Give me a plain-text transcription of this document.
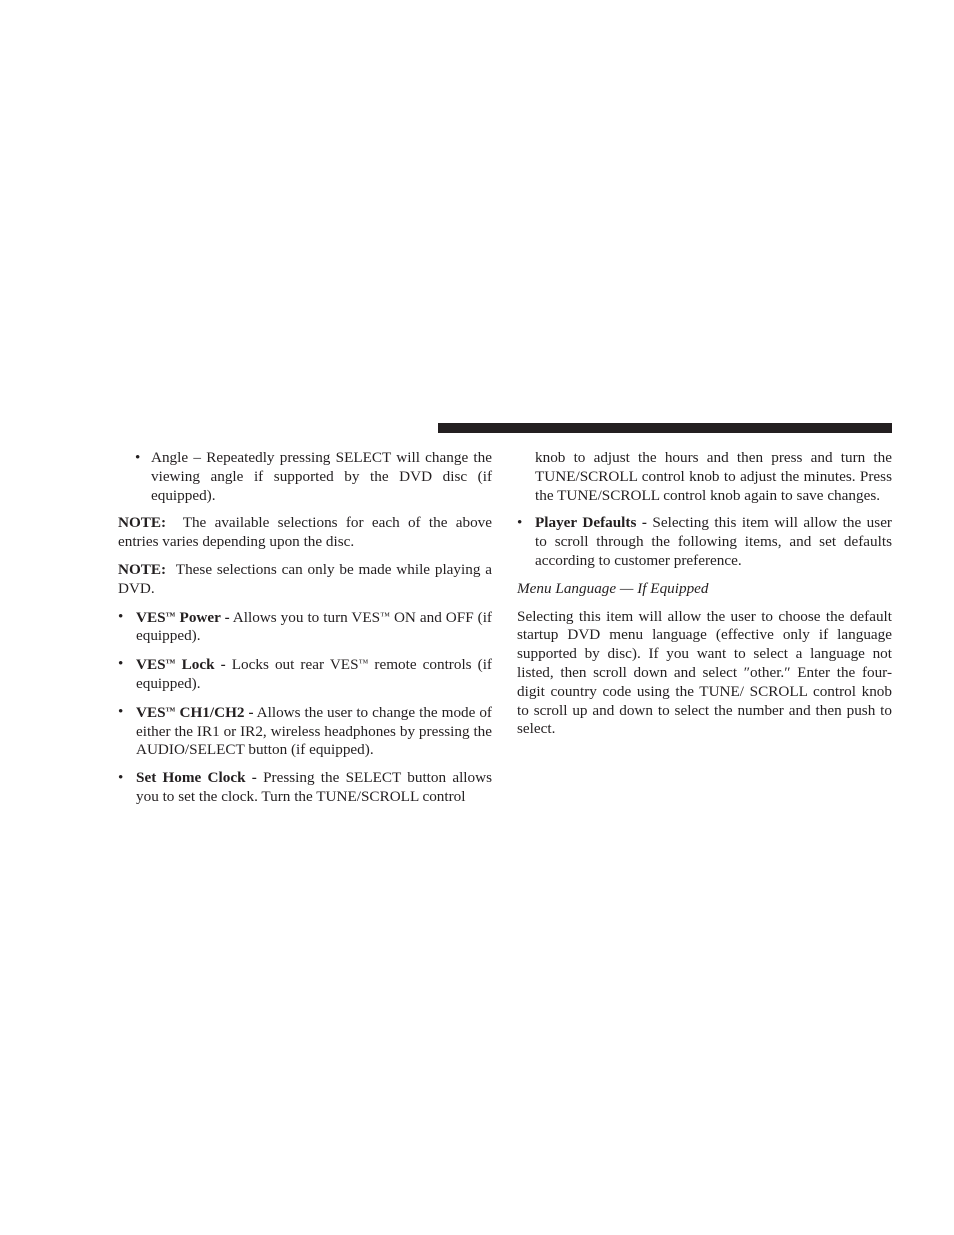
• Angle – Repeatedly pressing SELECT will change the viewing angle if supported by the DVD disc (if equipped).

NOTE: The available selections for each of the above entries varies depending upon the disc.

NOTE: These selections can only be made while playing a DVD.

• VES™ Power - Allows you to turn VES™ ON and OFF (if equipped).

• VES™ Lock - Locks out rear VES™ remote controls (if equipped).

• VES™ CH1/CH2 - Allows the user to change the mode of either the IR1 or IR2, wireless headphones by pressing the AUDIO/SELECT button (if equipped).

• Set Home Clock - Pressing the SELECT button allows you to set the clock. Turn the TUNE/SCROLL control

knob to adjust the hours and then press and turn the TUNE/SCROLL control knob to adjust the minutes. Press the TUNE/SCROLL control knob again to save changes.

• Player Defaults - Selecting this item will allow the user to scroll through the following items, and set defaults according to customer preference.

Menu Language — If Equipped

Selecting this item will allow the user to choose the default startup DVD menu language (effective only if language supported by disc). If you want to select a language not listed, then scroll down and select ″other.″ Enter the four-digit country code using the TUNE/ SCROLL control knob to scroll up and down to select the number and then push to select.
